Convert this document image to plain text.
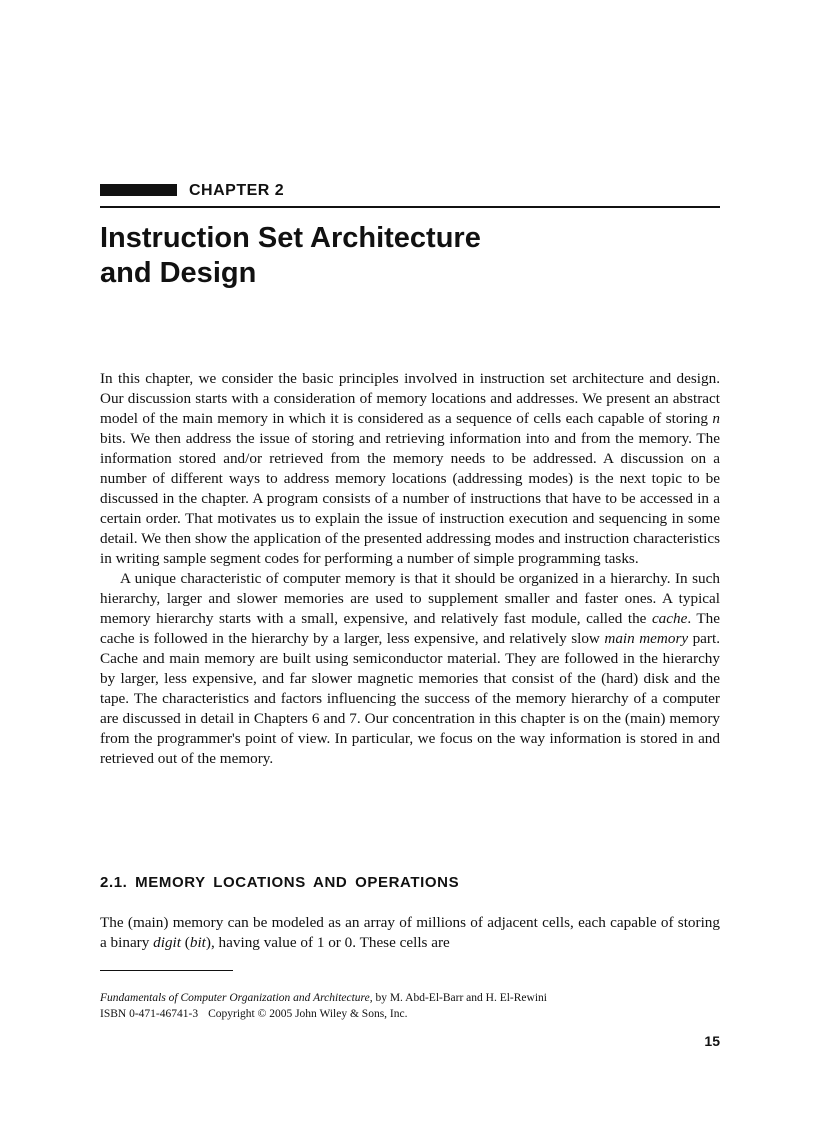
CHAPTER 2
Instruction Set Architecture
and Design

In this chapter, we consider the basic principles involved in instruction set architecture and design. Our discussion starts with a consideration of memory locations and addresses. We present an abstract model of the main memory in which it is considered as a sequence of cells each capable of storing n bits. We then address the issue of storing and retrieving information into and from the memory. The information stored and/or retrieved from the memory needs to be addressed. A discussion on a number of different ways to address memory locations (addressing modes) is the next topic to be discussed in the chapter. A program consists of a number of instructions that have to be accessed in a certain order. That motivates us to explain the issue of instruction execution and sequencing in some detail. We then show the application of the presented addressing modes and instruction characteristics in writing sample segment codes for performing a number of simple programming tasks.

A unique characteristic of computer memory is that it should be organized in a hierarchy. In such hierarchy, larger and slower memories are used to supplement smaller and faster ones. A typical memory hierarchy starts with a small, expensive, and relatively fast module, called the cache. The cache is followed in the hierarchy by a larger, less expensive, and relatively slow main memory part. Cache and main memory are built using semiconductor material. They are followed in the hierarchy by larger, less expensive, and far slower magnetic memories that consist of the (hard) disk and the tape. The characteristics and factors influencing the success of the memory hierarchy of a computer are discussed in detail in Chapters 6 and 7. Our concentration in this chapter is on the (main) memory from the programmer's point of view. In particular, we focus on the way information is stored in and retrieved out of the memory.

2.1. MEMORY LOCATIONS AND OPERATIONS

The (main) memory can be modeled as an array of millions of adjacent cells, each capable of storing a binary digit (bit), having value of 1 or 0. These cells are

Fundamentals of Computer Organization and Architecture, by M. Abd-El-Barr and H. El-Rewini
ISBN 0-471-46741-3 Copyright © 2005 John Wiley & Sons, Inc.
15
